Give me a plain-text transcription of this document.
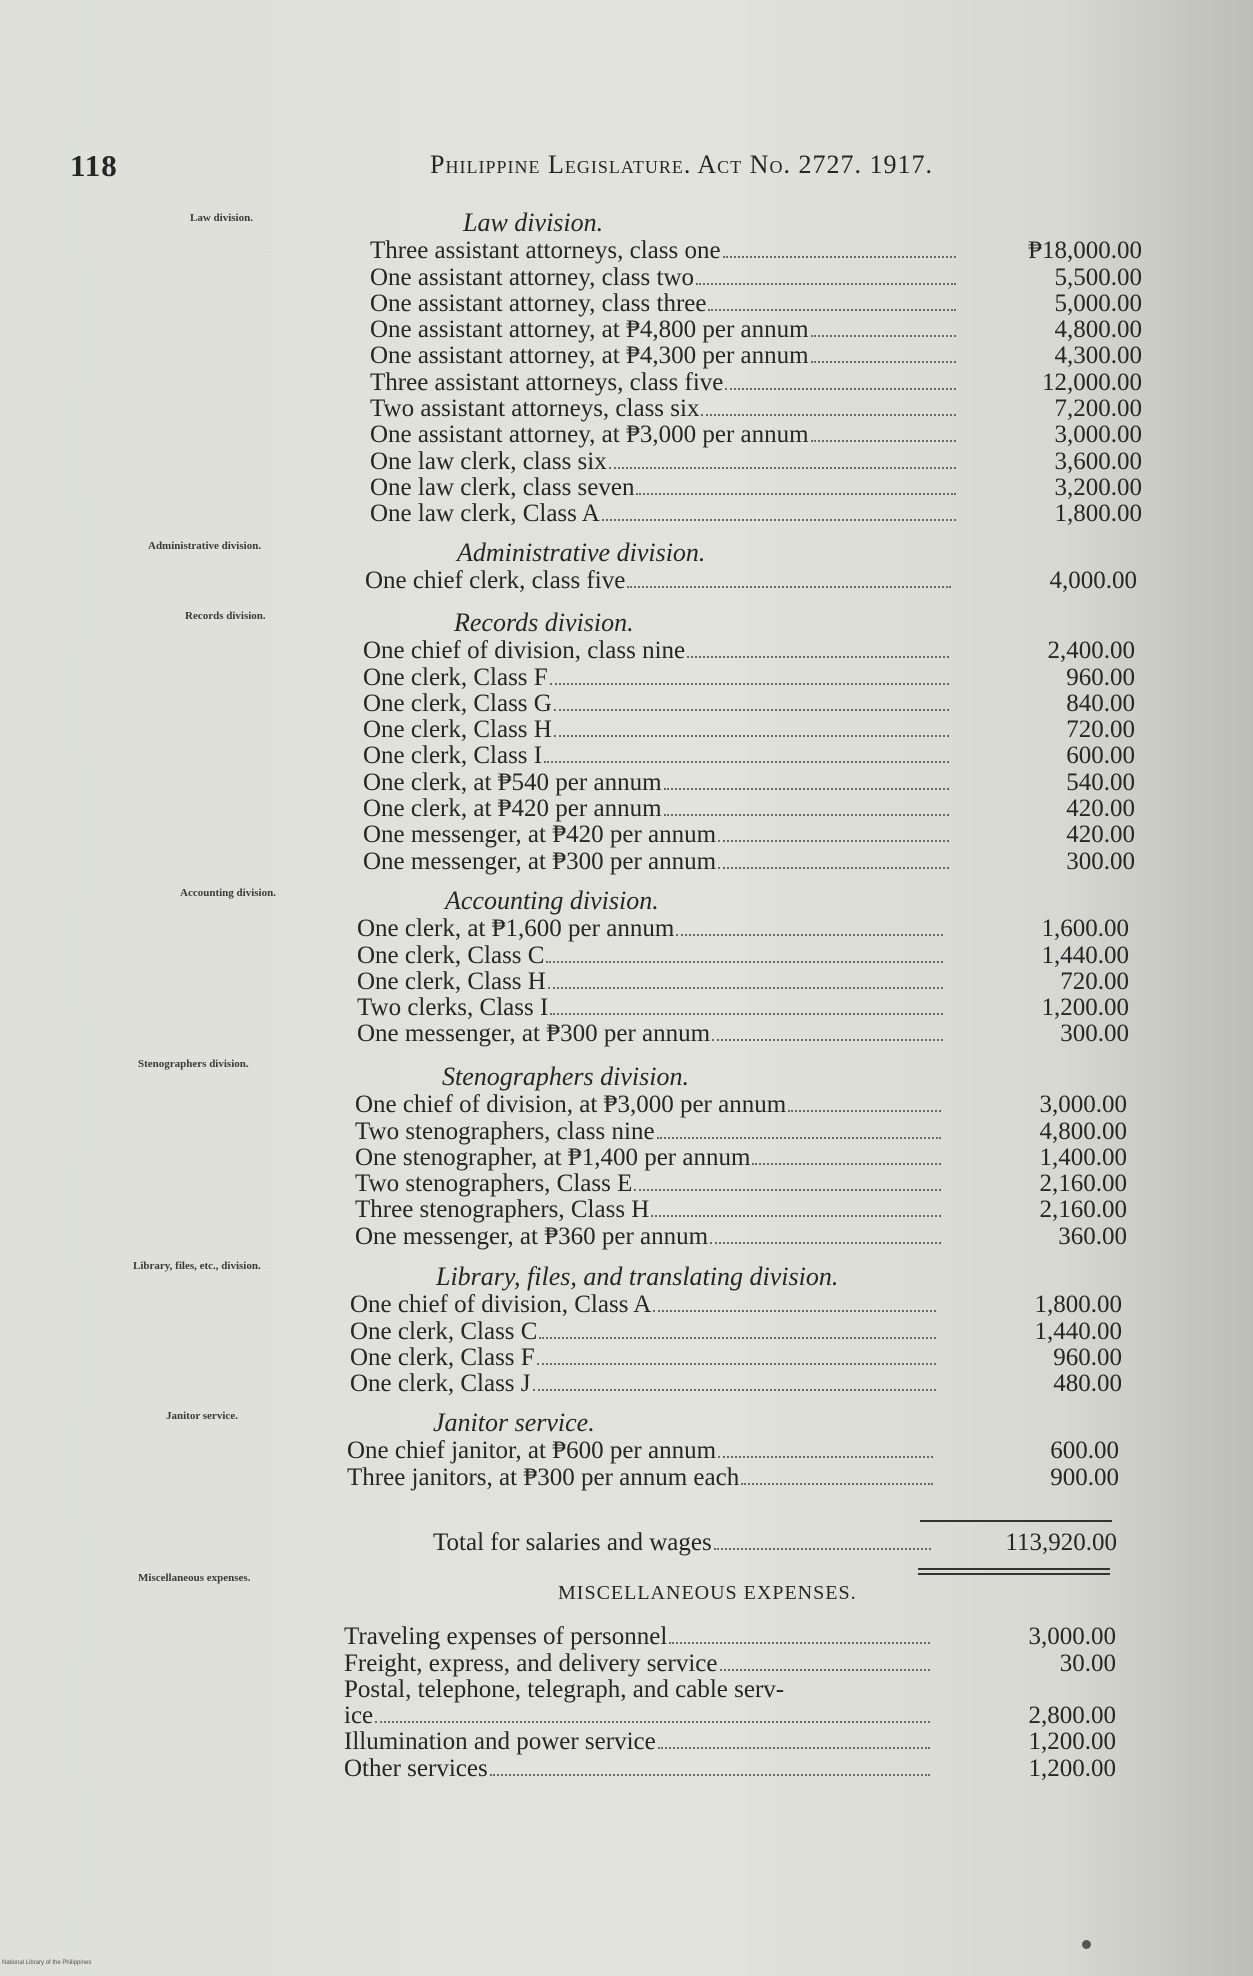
118	Philippine Legislature. Act No. 2727. 1917.
Law division.
Administrative division.
Records division.
Accounting division.
Stenographers division.
Library, files, etc., division.
Janitor service.
Miscellaneous expenses.
Law division.
Three assistant attorneys, class one	₱18,000.00
One assistant attorney, class two	5,500.00
One assistant attorney, class three	5,000.00
One assistant attorney, at ₱4,800 per annum	4,800.00
One assistant attorney, at ₱4,300 per annum	4,300.00
Three assistant attorneys, class five	12,000.00
Two assistant attorneys, class six	7,200.00
One assistant attorney, at ₱3,000 per annum	3,000.00
One law clerk, class six	3,600.00
One law clerk, class seven	3,200.00
One law clerk, Class A	1,800.00
Administrative division.
One chief clerk, class five	4,000.00
Records division.
One chief of division, class nine	2,400.00
One clerk, Class F	960.00
One clerk, Class G	840.00
One clerk, Class H	720.00
One clerk, Class I	600.00
One clerk, at ₱540 per annum	540.00
One clerk, at ₱420 per annum	420.00
One messenger, at ₱420 per annum	420.00
One messenger, at ₱300 per annum	300.00
Accounting division.
One clerk, at ₱1,600 per annum	1,600.00
One clerk, Class C	1,440.00
One clerk, Class H	720.00
Two clerks, Class I	1,200.00
One messenger, at ₱300 per annum	300.00
Stenographers division.
One chief of division, at ₱3,000 per annum	3,000.00
Two stenographers, class nine	4,800.00
One stenographer, at ₱1,400 per annum	1,400.00
Two stenographers, Class E	2,160.00
Three stenographers, Class H	2,160.00
One messenger, at ₱360 per annum	360.00
Library, files, and translating division.
One chief of division, Class A	1,800.00
One clerk, Class C	1,440.00
One clerk, Class F	960.00
One clerk, Class J	480.00
Janitor service.
One chief janitor, at ₱600 per annum	600.00
Three janitors, at ₱300 per annum each	900.00
Total for salaries and wages	113,920.00
MISCELLANEOUS EXPENSES.
Traveling expenses of personnel	3,000.00
Freight, express, and delivery service	30.00
Postal, telephone, telegraph, and cable serv-
ice	2,800.00
Illumination and power service	1,200.00
Other services	1,200.00
National Library of the Philippines
